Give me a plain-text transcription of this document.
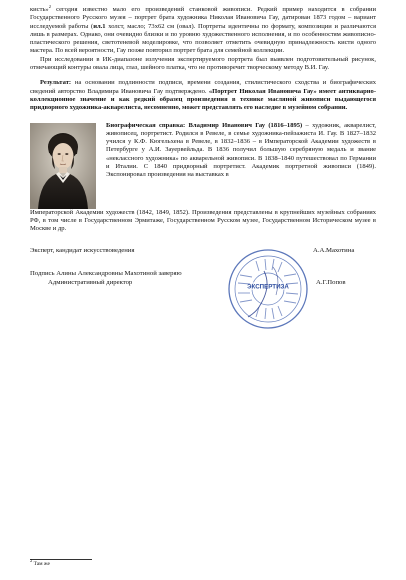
кисть»$^2$ сегодня известно мало его произведений станковой живописи. Редкий пример находится в собрании Государственного Русского музея – портрет брата художника Николая Ивановича Гау, датирован 1873 годом – вариант исследуемой работы (ил.1 холст, масло; 73х62 см (овал). Портреты идентичны по формату, композиции и различаются лишь в размерах. Однако, они очевидно близки и по уровню художественного исполнения, и по особенностям живописно-пластического решения, светотеневой моделировке, что позволяет отметить очевидную принадлежность кисти одного мастера. По всей вероятности, Гау позже повторил портрет брата для семейной коллекции.

При исследовании в ИК-диапазоне излучения экспертируемого портрета был выявлен подготовительный рисунок, отмечающий контуры овала лица, глаз, шейного платка, что не противоречит творческому методу В.И. Гау.

Результат: на основании подлинности подписи, времени создания, стилистического сходства и биографических сведений авторство Владимира Ивановича Гау подтверждено. «Портрет Николая Ивановича Гау» имеет антикварно-коллекционное значение и как редкий образец произведения в технике масляной живописи выдающегося придворного художника-акварелиста, несомненно, может представлять его наследие в музейном собрании.

Биографическая справка: Владимир Иванович Гау (1816–1895) – художник, акварелист, живописец, портретист. Родился в Ревеле, в семье художника-пейзажиста И. Гау. В 1827–1832 учился у К.Ф. Кюгельхена в Ревеле, в 1832–1836 – в Императорской Академии художеств в Петербурге у А.И. Зауервейльда. В 1836 получил большую серебряную медаль и звание «неклассного художника» по акварельной живописи. В 1838–1840 путешествовал по Германии и Италии. С 1840 придворный портретист. Академик портретной живописи (1849). Экспонировал произведения на выставках в

Императорской Академии художеств (1842, 1849, 1852). Произведения представлены в крупнейших музейных собраниях РФ, в том числе в Государственном Эрмитаже, Государственном Русском музее, Государственном Историческом музее в Москве и др.

Эксперт, кандидат искусствоведения	А.А.Махотина
ЭКСПЕРТИЗА
Подпись Алины Александровны Махотиной заверяю
Административный директор	А.Г.Попов
$^2$ Там же
